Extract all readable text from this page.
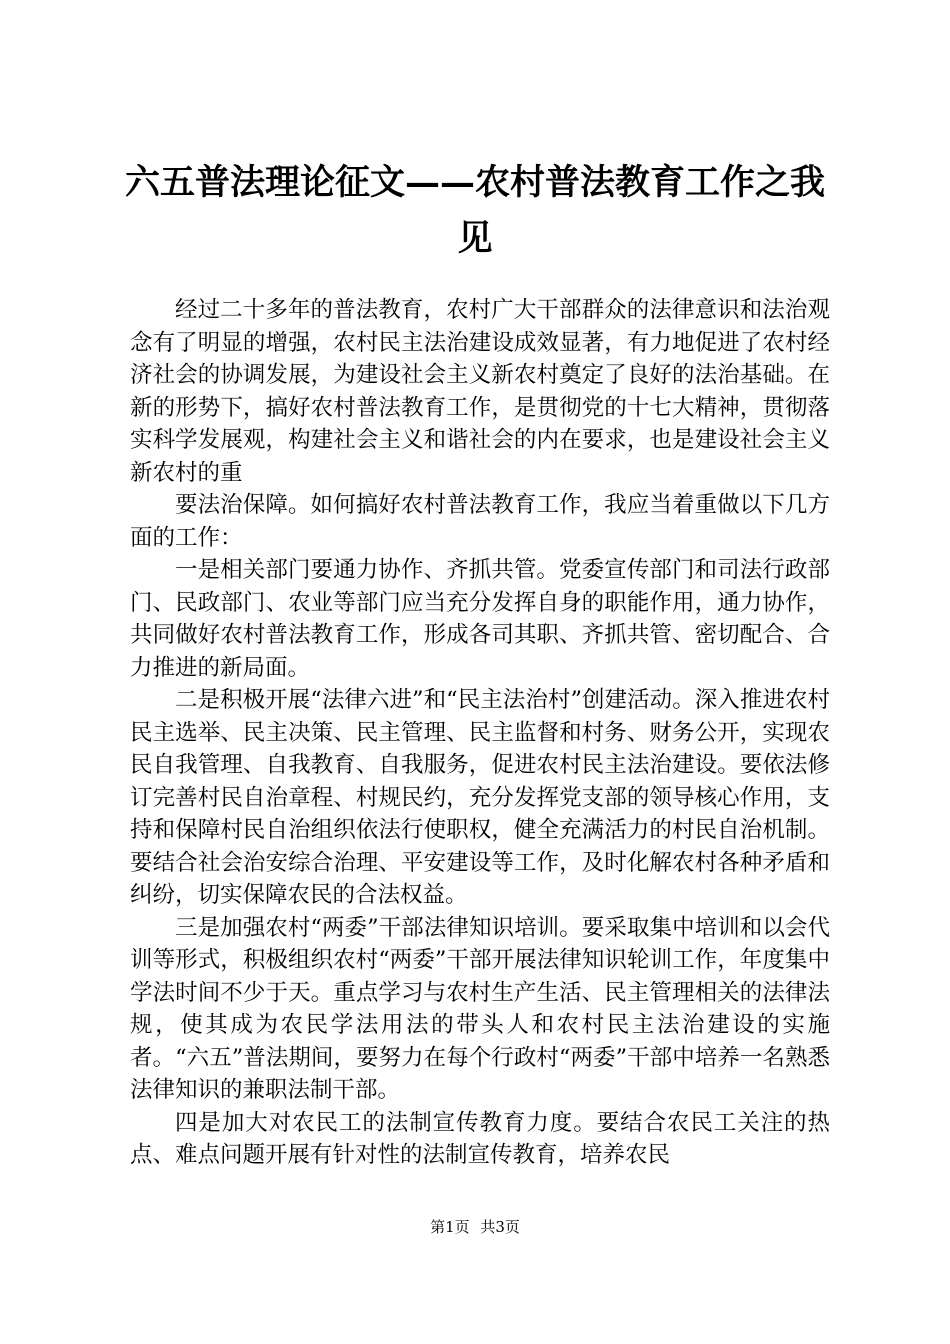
六五普法理论征文——农村普法教育工作之我见

经过二十多年的普法教育，农村广大干部群众的法律意识和法治观念有了明显的增强，农村民主法治建设成效显著，有力地促进了农村经济社会的协调发展，为建设社会主义新农村奠定了良好的法治基础。在新的形势下，搞好农村普法教育工作，是贯彻党的十七大精神，贯彻落实科学发展观，构建社会主义和谐社会的内在要求，也是建设社会主义新农村的重

要法治保障。如何搞好农村普法教育工作，我应当着重做以下几方面的工作：

一是相关部门要通力协作、齐抓共管。党委宣传部门和司法行政部门、民政部门、农业等部门应当充分发挥自身的职能作用，通力协作，共同做好农村普法教育工作，形成各司其职、齐抓共管、密切配合、合力推进的新局面。

二是积极开展“法律六进”和“民主法治村”创建活动。深入推进农村民主选举、民主决策、民主管理、民主监督和村务、财务公开，实现农民自我管理、自我教育、自我服务，促进农村民主法治建设。要依法修订完善村民自治章程、村规民约，充分发挥党支部的领导核心作用，支持和保障村民自治组织依法行使职权，健全充满活力的村民自治机制。要结合社会治安综合治理、平安建设等工作，及时化解农村各种矛盾和纠纷，切实保障农民的合法权益。

三是加强农村“两委”干部法律知识培训。要采取集中培训和以会代训等形式，积极组织农村“两委”干部开展法律知识轮训工作，年度集中学法时间不少于天。重点学习与农村生产生活、民主管理相关的法律法规，使其成为农民学法用法的带头人和农村民主法治建设的实施者。“六五”普法期间，要努力在每个行政村“两委”干部中培养一名熟悉法律知识的兼职法制干部。

四是加大对农民工的法制宣传教育力度。要结合农民工关注的热点、难点问题开展有针对性的法制宣传教育，培养农民

第1页 共3页
